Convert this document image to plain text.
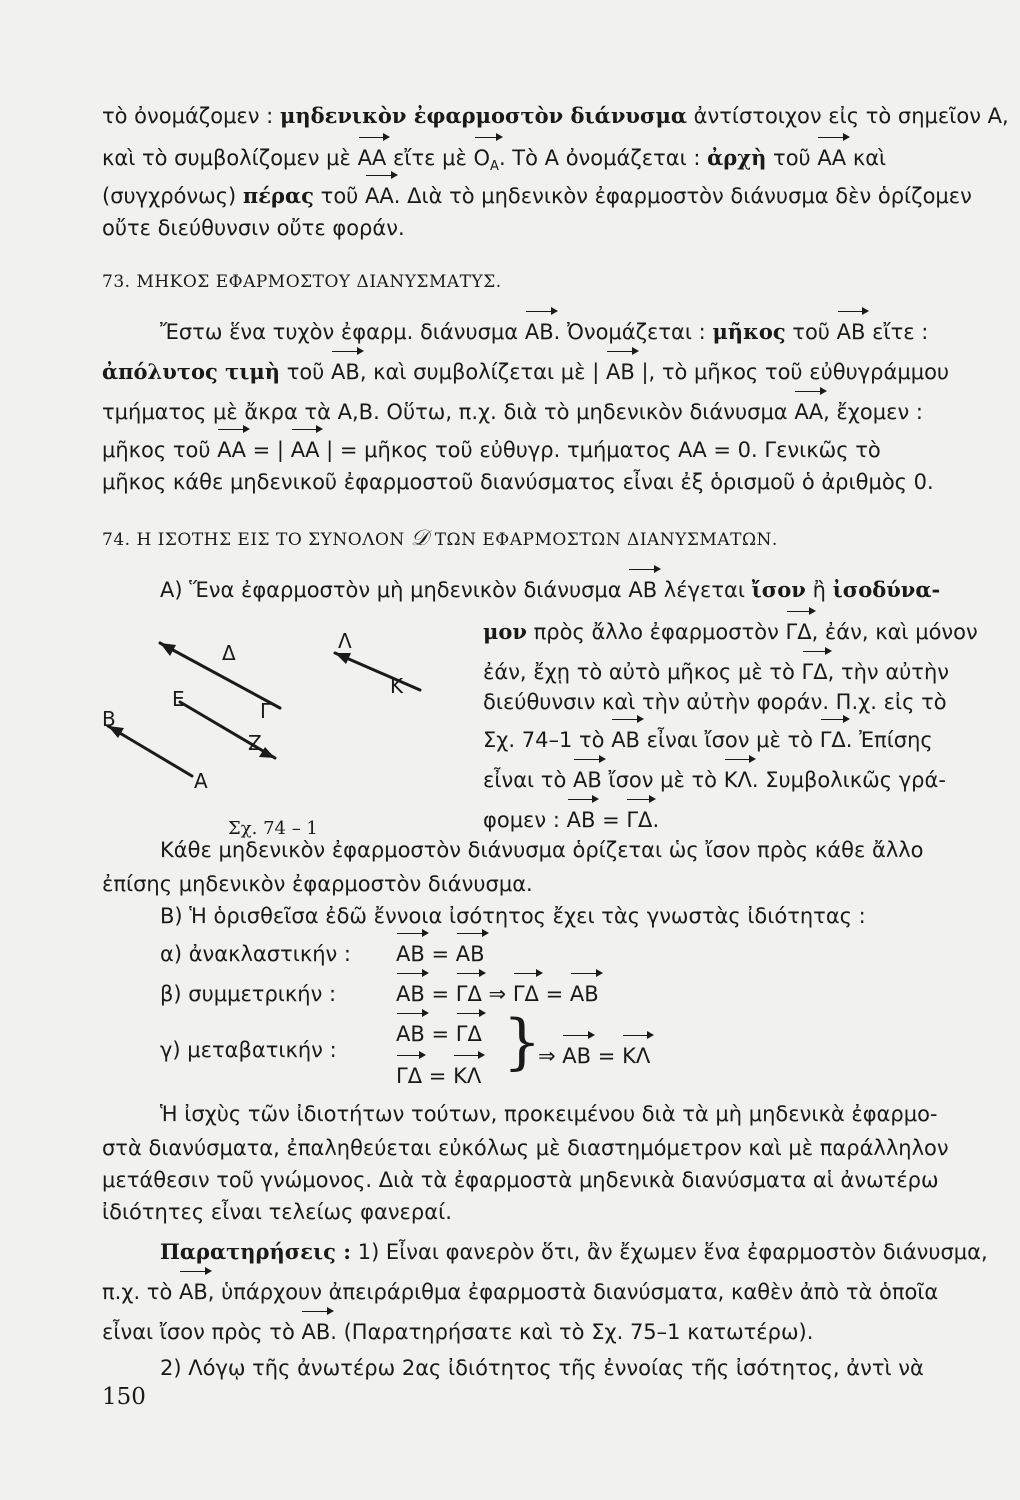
τὸ ὀνομάζομεν : μηδενικὸν ἐφαρμοστὸν διάνυσμα ἀντίστοιχον εἰς τὸ σημεῖον Α,
καὶ τὸ συμβολίζομεν μὲ ΑΑ εἴτε μὲ $O_A$. Τὸ Α ὀνομάζεται : ἀρχὴ τοῦ ΑΑ καὶ
(συγχρόνως) πέρας τοῦ ΑΑ. Διὰ τὸ μηδενικὸν ἐφαρμοστὸν διάνυσμα δὲν ὁρίζομεν
οὔτε διεύθυνσιν οὔτε φοράν.
73. ΜΗΚΟΣ ΕΦΑΡΜΟΣΤΟΥ ΔΙΑΝΥΣΜΑΤΥΣ.
Ἔστω ἕνα τυχὸν ἐφαρμ. διάνυσμα ΑΒ. Ὀνομάζεται : μῆκος τοῦ ΑΒ εἴτε :
ἀπόλυτος τιμὴ τοῦ ΑΒ, καὶ συμβολίζεται μὲ | ΑΒ |, τὸ μῆκος τοῦ εὐθυγράμμου
τμήματος μὲ ἄκρα τὰ Α,Β. Οὕτω, π.χ. διὰ τὸ μηδενικὸν διάνυσμα ΑΑ, ἔχομεν :
μῆκος τοῦ ΑΑ = | ΑΑ | = μῆκος τοῦ εὐθυγρ. τμήματος ΑΑ = 0. Γενικῶς τὸ
μῆκος κάθε μηδενικοῦ ἐφαρμοστοῦ διανύσματος εἶναι ἐξ ὁρισμοῦ ὁ ἀριθμὸς 0.
74. Η ΙΣΟΤΗΣ ΕΙΣ ΤΟ ΣΥΝΟΛΟΝ 𝒟 ΤΩΝ ΕΦΑΡΜΟΣΤΩΝ ΔΙΑΝΥΣΜΑΤΩΝ.
Α) Ἕνα ἐφαρμοστὸν μὴ μηδενικὸν διάνυσμα ΑΒ λέγεται ἴσον ἢ ἰσοδύνα-
μον πρὸς ἄλλο ἐφαρμοστὸν ΓΔ, ἐάν, καὶ μόνον
ἐάν, ἔχῃ τὸ αὐτὸ μῆκος μὲ τὸ ΓΔ, τὴν αὐτὴν
διεύθυνσιν καὶ τὴν αὐτὴν φοράν. Π.χ. εἰς τὸ
Σχ. 74–1 τὸ ΑΒ εἶναι ἴσον μὲ τὸ ΓΔ. Ἐπίσης
εἶναι τὸ ΑΒ ἴσον μὲ τὸ ΚΛ. Συμβολικῶς γρά-
φομεν : ΑΒ = ΓΔ.
Β
Ε
Δ
Γ
Λ
Κ
Ζ
Α
Σχ. 74 – 1
Κάθε μηδενικὸν ἐφαρμοστὸν διάνυσμα ὁρίζεται ὡς ἴσον πρὸς κάθε ἄλλο
ἐπίσης μηδενικὸν ἐφαρμοστὸν διάνυσμα.
Β) Ἡ ὁρισθεῖσα ἐδῶ ἔννοια ἰσότητος ἔχει τὰς γνωστὰς ἰδιότητας :
α) ἀνακλαστικήν : ΑΒ = ΑΒ
β) συμμετρικήν :	ΑΒ = ΓΔ ⇒ ΓΔ = ΑΒ
γ) μεταβατικήν :
ΑΒ = ΓΔ
ΓΔ = ΚΛ }
⇒ ΑΒ = ΚΛ
Ἡ ἰσχὺς τῶν ἰδιοτήτων τούτων, προκειμένου διὰ τὰ μὴ μηδενικὰ ἐφαρμο-
στὰ διανύσματα, ἐπαληθεύεται εὐκόλως μὲ διαστημόμετρον καὶ μὲ παράλληλον
μετάθεσιν τοῦ γνώμονος. Διὰ τὰ ἐφαρμοστὰ μηδενικὰ διανύσματα αἱ ἀνωτέρω
ἰδιότητες εἶναι τελείως φανεραί.
Παρατηρήσεις : 1) Εἶναι φανερὸν ὅτι, ἂν ἔχωμεν ἕνα ἐφαρμοστὸν διάνυσμα,
π.χ. τὸ ΑΒ, ὑπάρχουν ἀπειράριθμα ἐφαρμοστὰ διανύσματα, καθὲν ἀπὸ τὰ ὁποῖα
εἶναι ἴσον πρὸς τὸ ΑΒ. (Παρατηρήσατε καὶ τὸ Σχ. 75–1 κατωτέρω).
2) Λόγῳ τῆς ἀνωτέρω 2ας ἰδιότητος τῆς ἐννοίας τῆς ἰσότητος, ἀντὶ νὰ
150
